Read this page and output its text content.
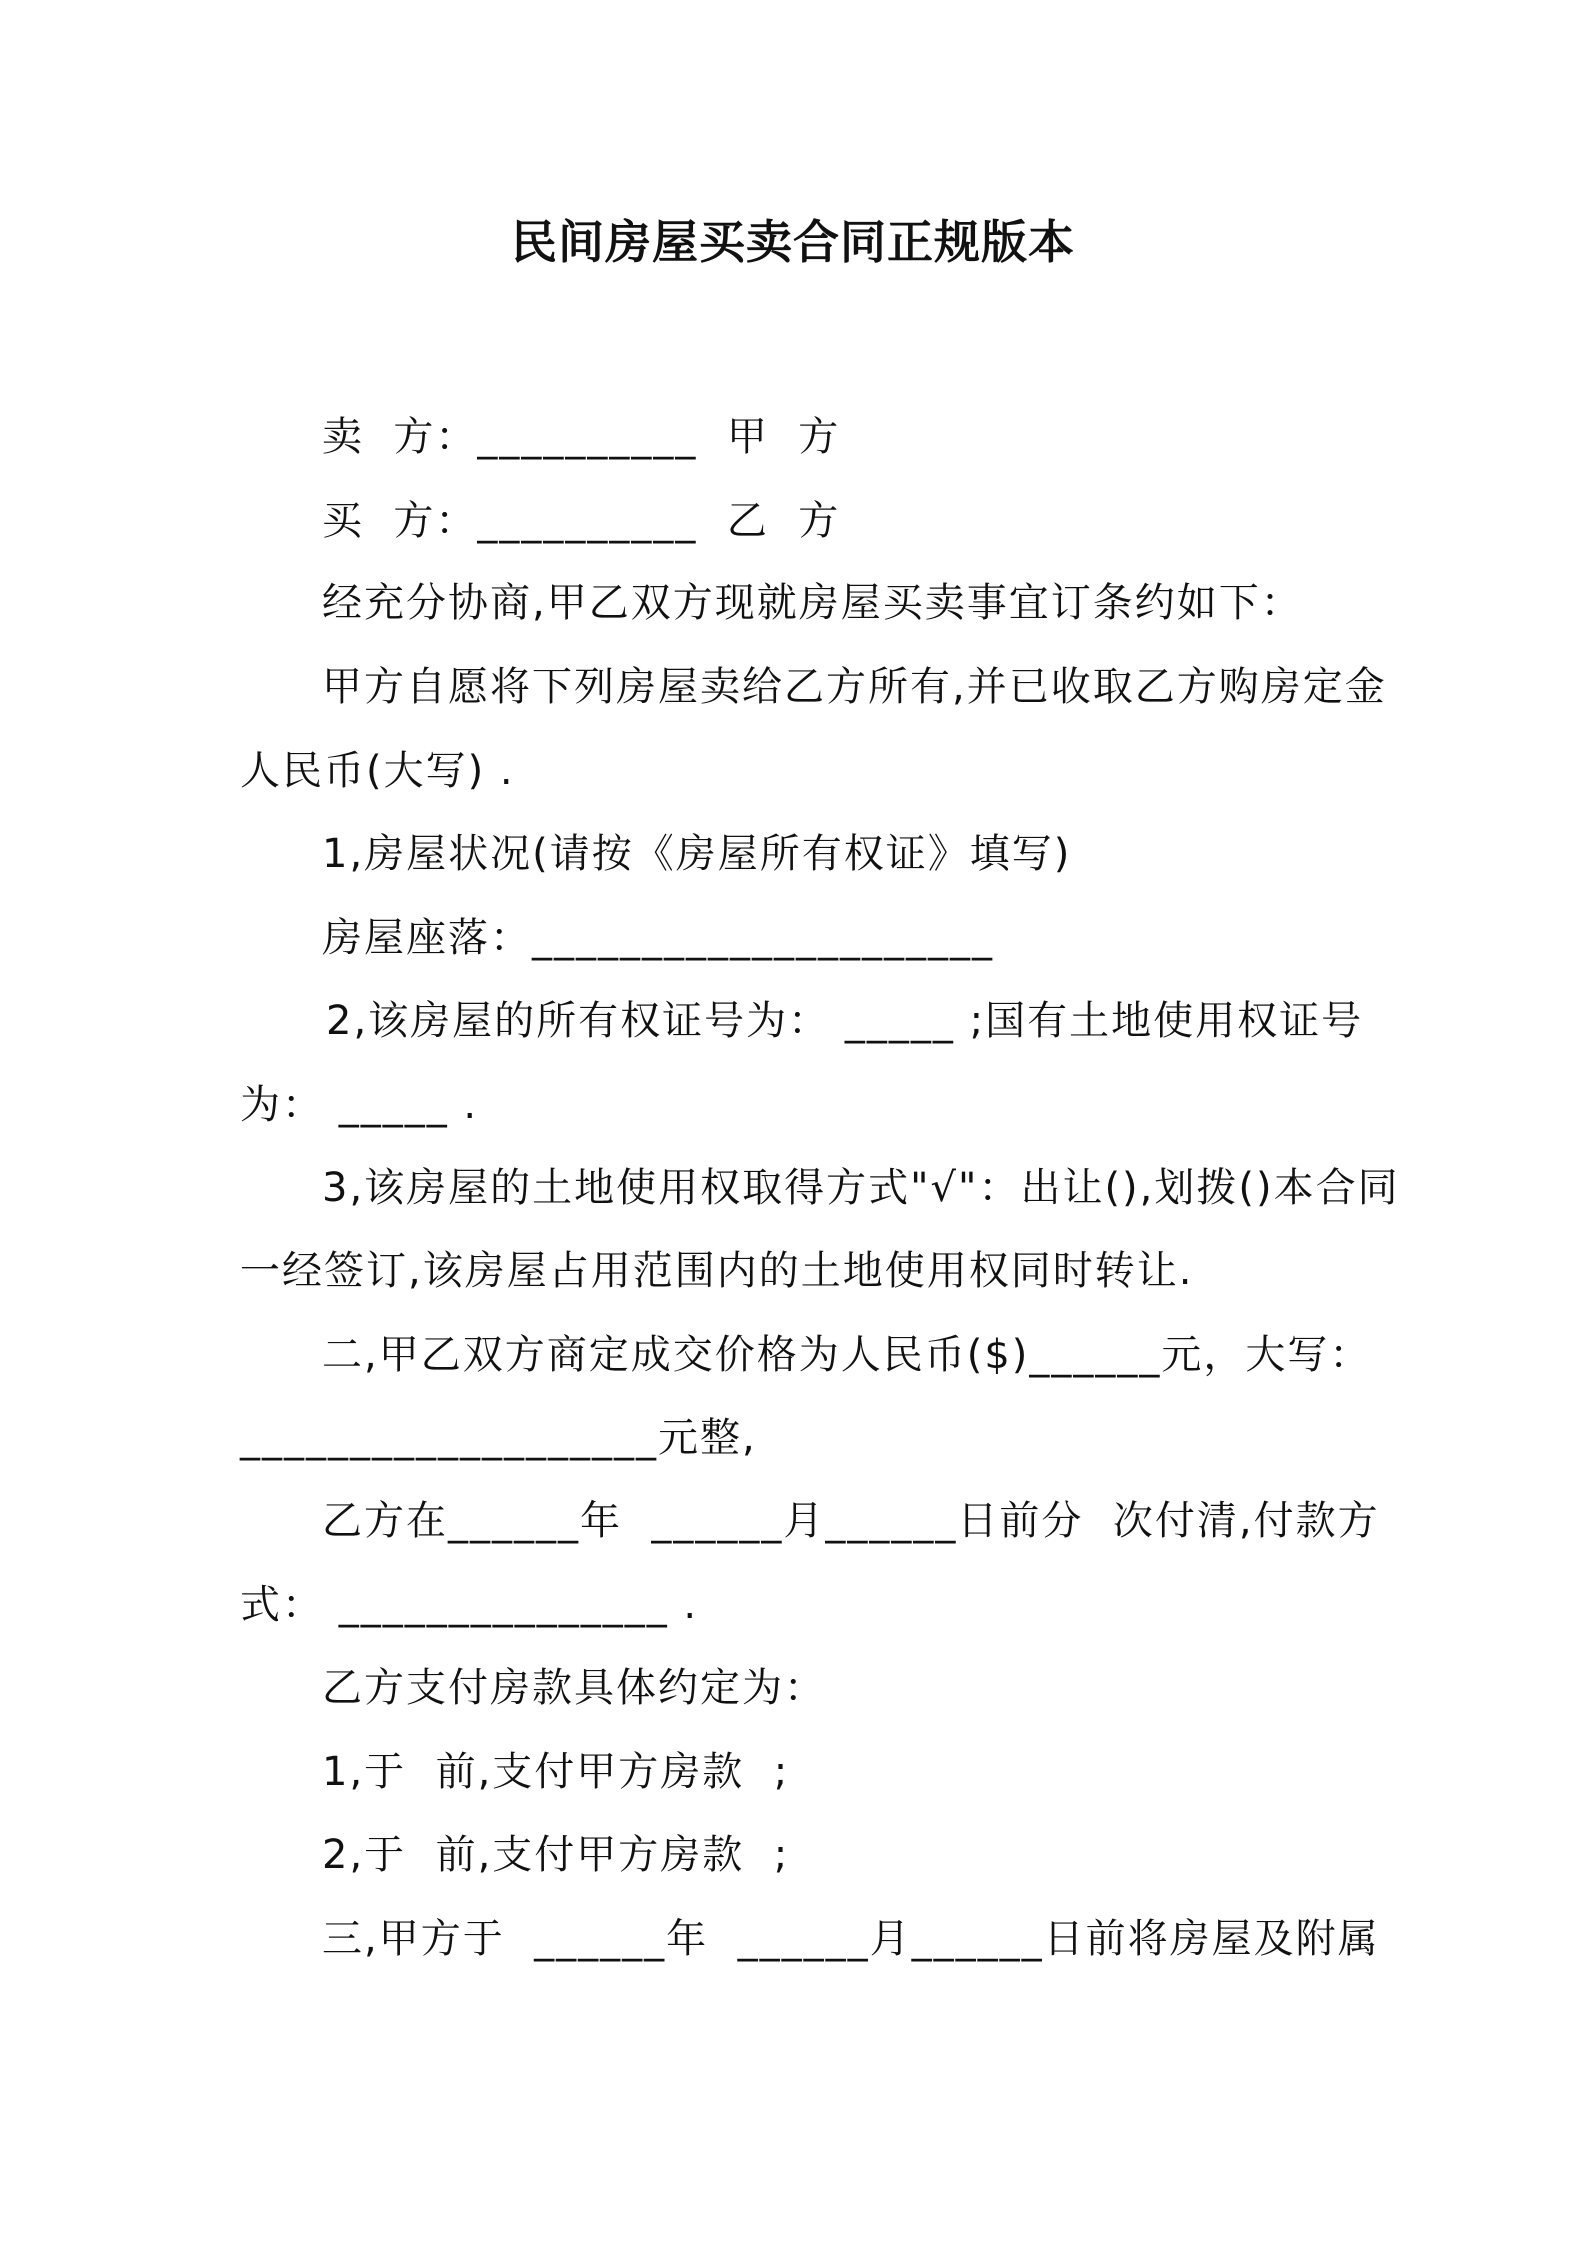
民间房屋买卖合同正规版本
卖  方：__________  甲  方
买  方：__________  乙  方
经充分协商,甲乙双方现就房屋买卖事宜订条约如下：
甲方自愿将下列房屋卖给乙方所有,并已收取乙方购房定金
人民币(大写) .
1,房屋状况(请按《房屋所有权证》填写)
房屋座落：_____________________
2,该房屋的所有权证号为： _____ ;国有土地使用权证号
为： _____ .
3,该房屋的土地使用权取得方式"√"：出让(),划拨()本合同
一经签订,该房屋占用范围内的土地使用权同时转让.
二,甲乙双方商定成交价格为人民币($)______元，大写：
___________________元整,
乙方在______年  ______月______日前分  次付清,付款方
式： _______________ .
乙方支付房款具体约定为：
1,于  前,支付甲方房款  ;
2,于  前,支付甲方房款  ;
三,甲方于  ______年  ______月______日前将房屋及附属
